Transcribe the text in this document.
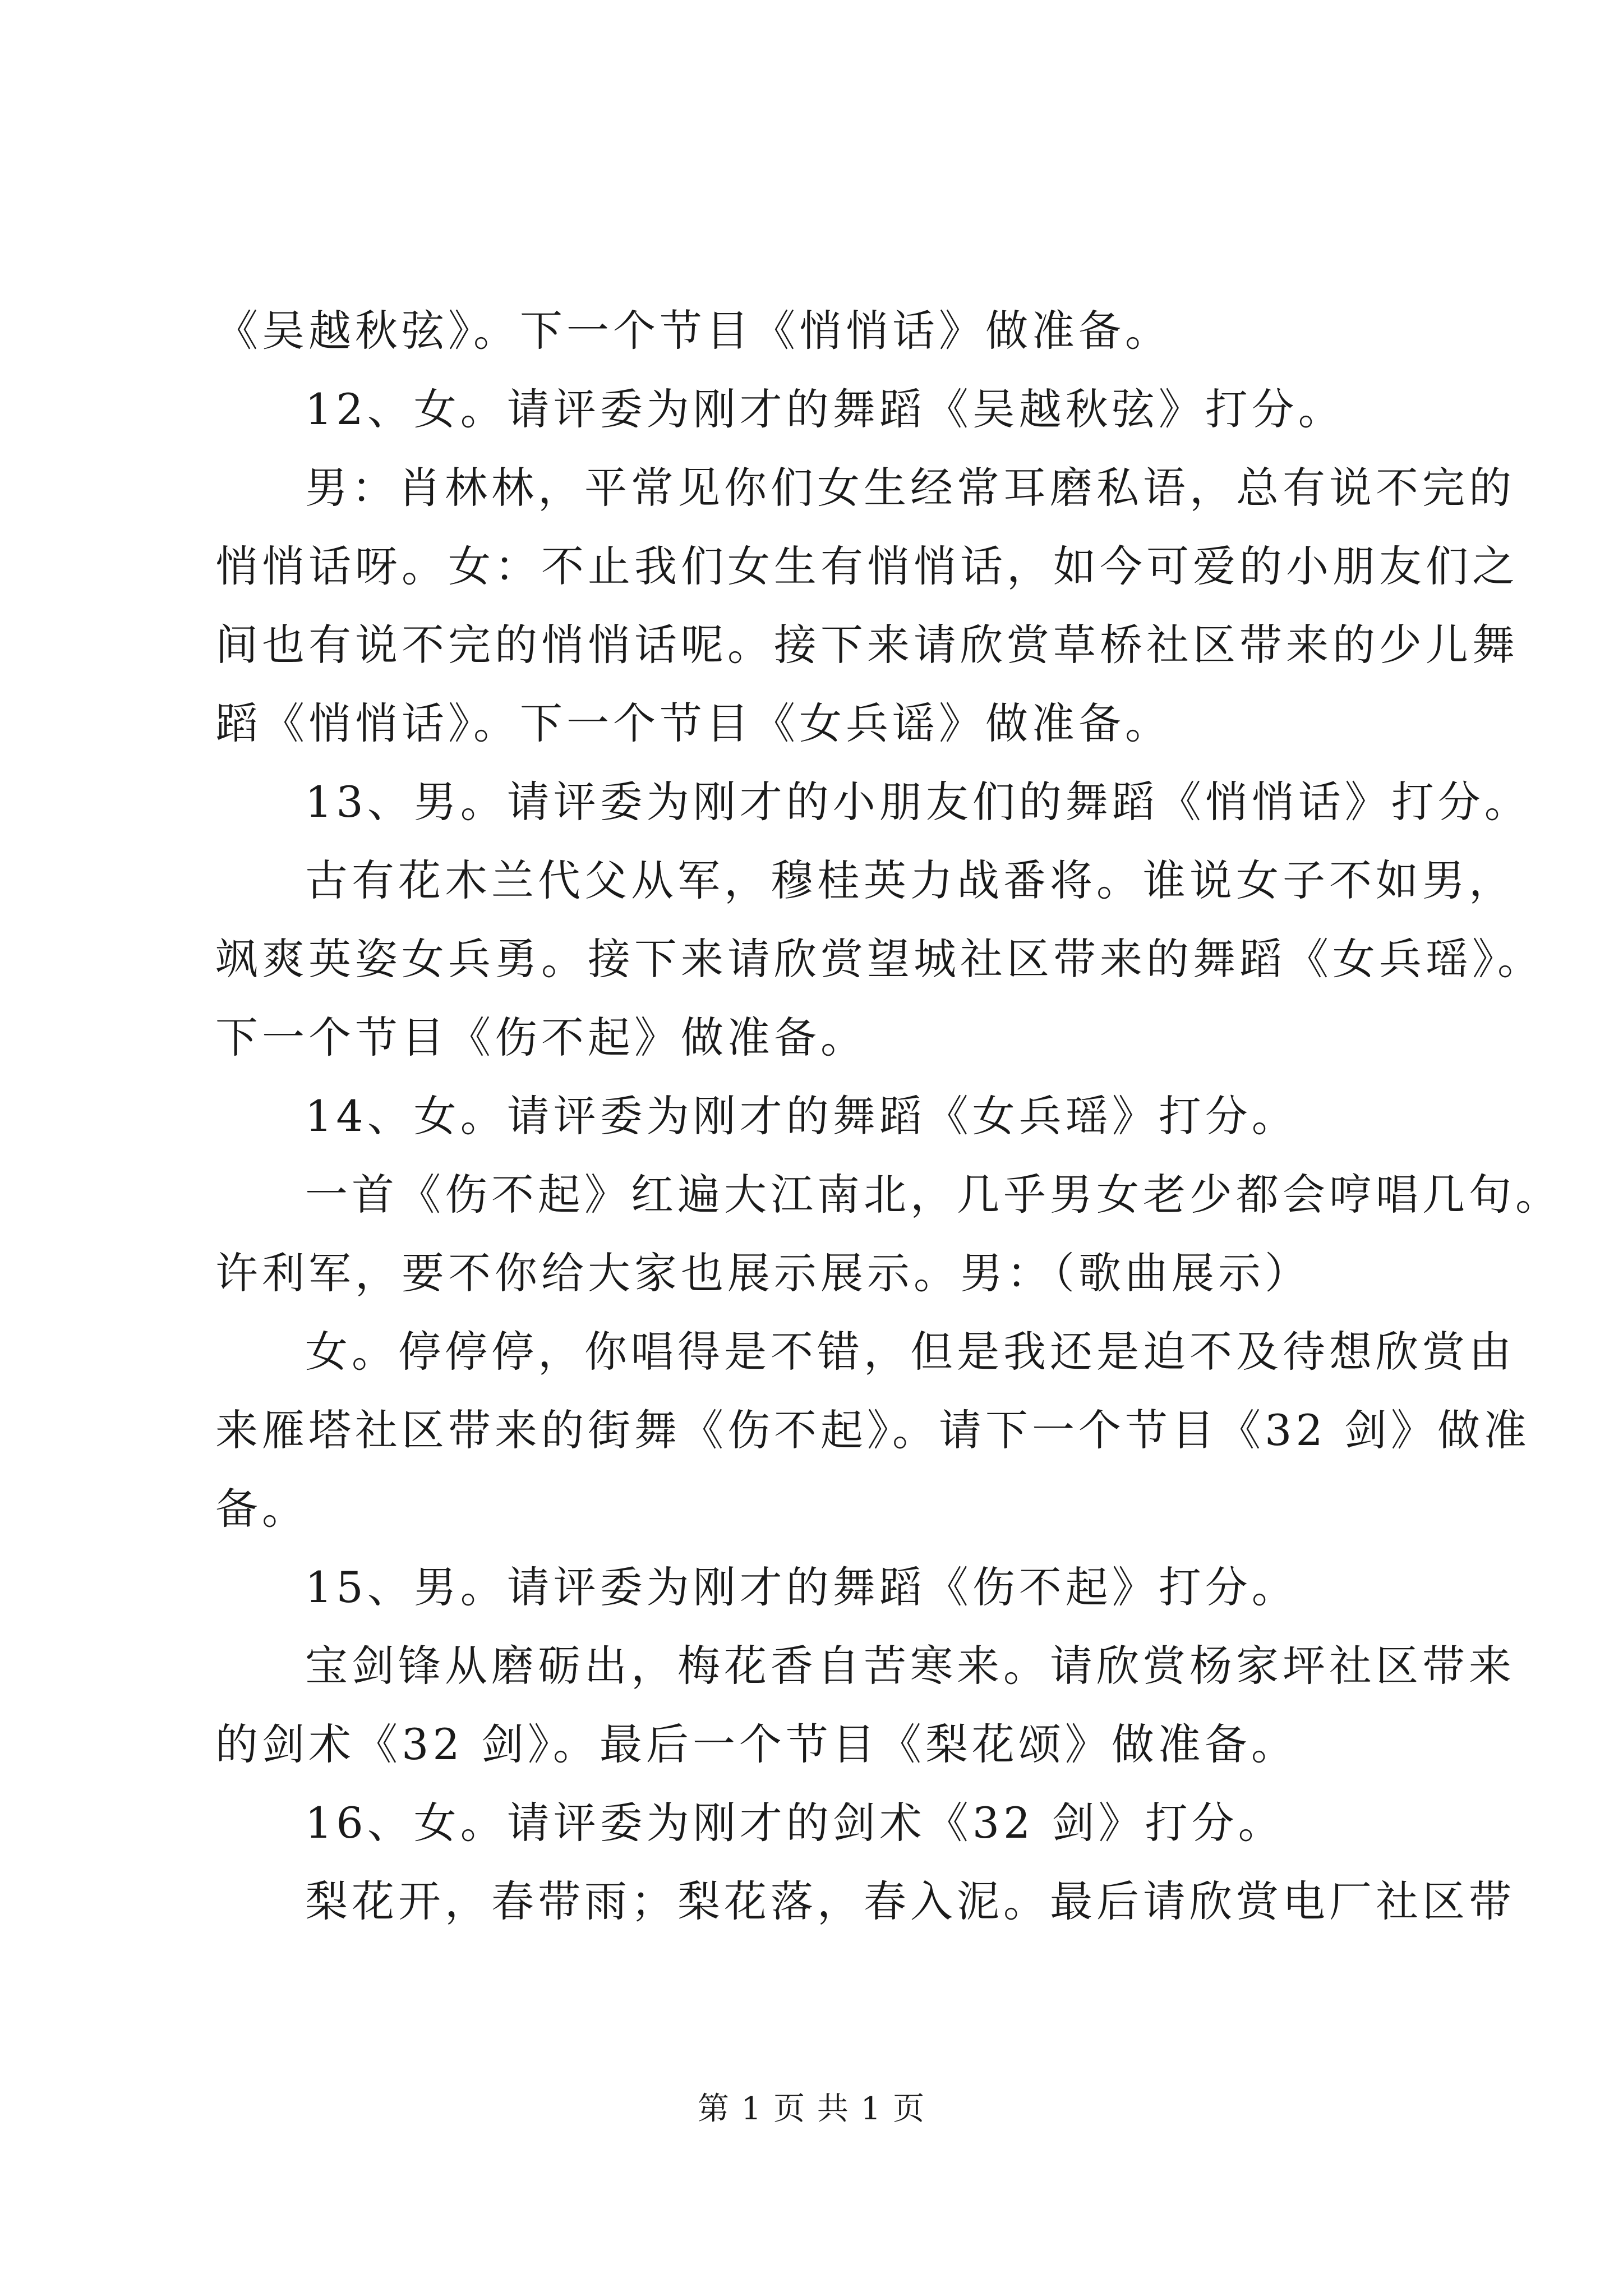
《吴越秋弦》。下一个节目《悄悄话》做准备。
12、女。请评委为刚才的舞蹈《吴越秋弦》打分。
男：肖林林，平常见你们女生经常耳磨私语，总有说不完的
悄悄话呀。女：不止我们女生有悄悄话，如今可爱的小朋友们之
间也有说不完的悄悄话呢。接下来请欣赏草桥社区带来的少儿舞
蹈《悄悄话》。下一个节目《女兵谣》做准备。
13、男。请评委为刚才的小朋友们的舞蹈《悄悄话》打分。
古有花木兰代父从军，穆桂英力战番将。谁说女子不如男，
飒爽英姿女兵勇。接下来请欣赏望城社区带来的舞蹈《女兵瑶》。
下一个节目《伤不起》做准备。
14、女。请评委为刚才的舞蹈《女兵瑶》打分。
一首《伤不起》红遍大江南北，几乎男女老少都会哼唱几句。
许利军，要不你给大家也展示展示。男：（歌曲展示）
女。停停停，你唱得是不错，但是我还是迫不及待想欣赏由
来雁塔社区带来的街舞《伤不起》。请下一个节目《32 剑》做准
备。
15、男。请评委为刚才的舞蹈《伤不起》打分。
宝剑锋从磨砺出，梅花香自苦寒来。请欣赏杨家坪社区带来
的剑术《32 剑》。最后一个节目《梨花颂》做准备。
16、女。请评委为刚才的剑术《32 剑》打分。
梨花开，春带雨；梨花落，春入泥。最后请欣赏电厂社区带
第 1 页 共 1 页
